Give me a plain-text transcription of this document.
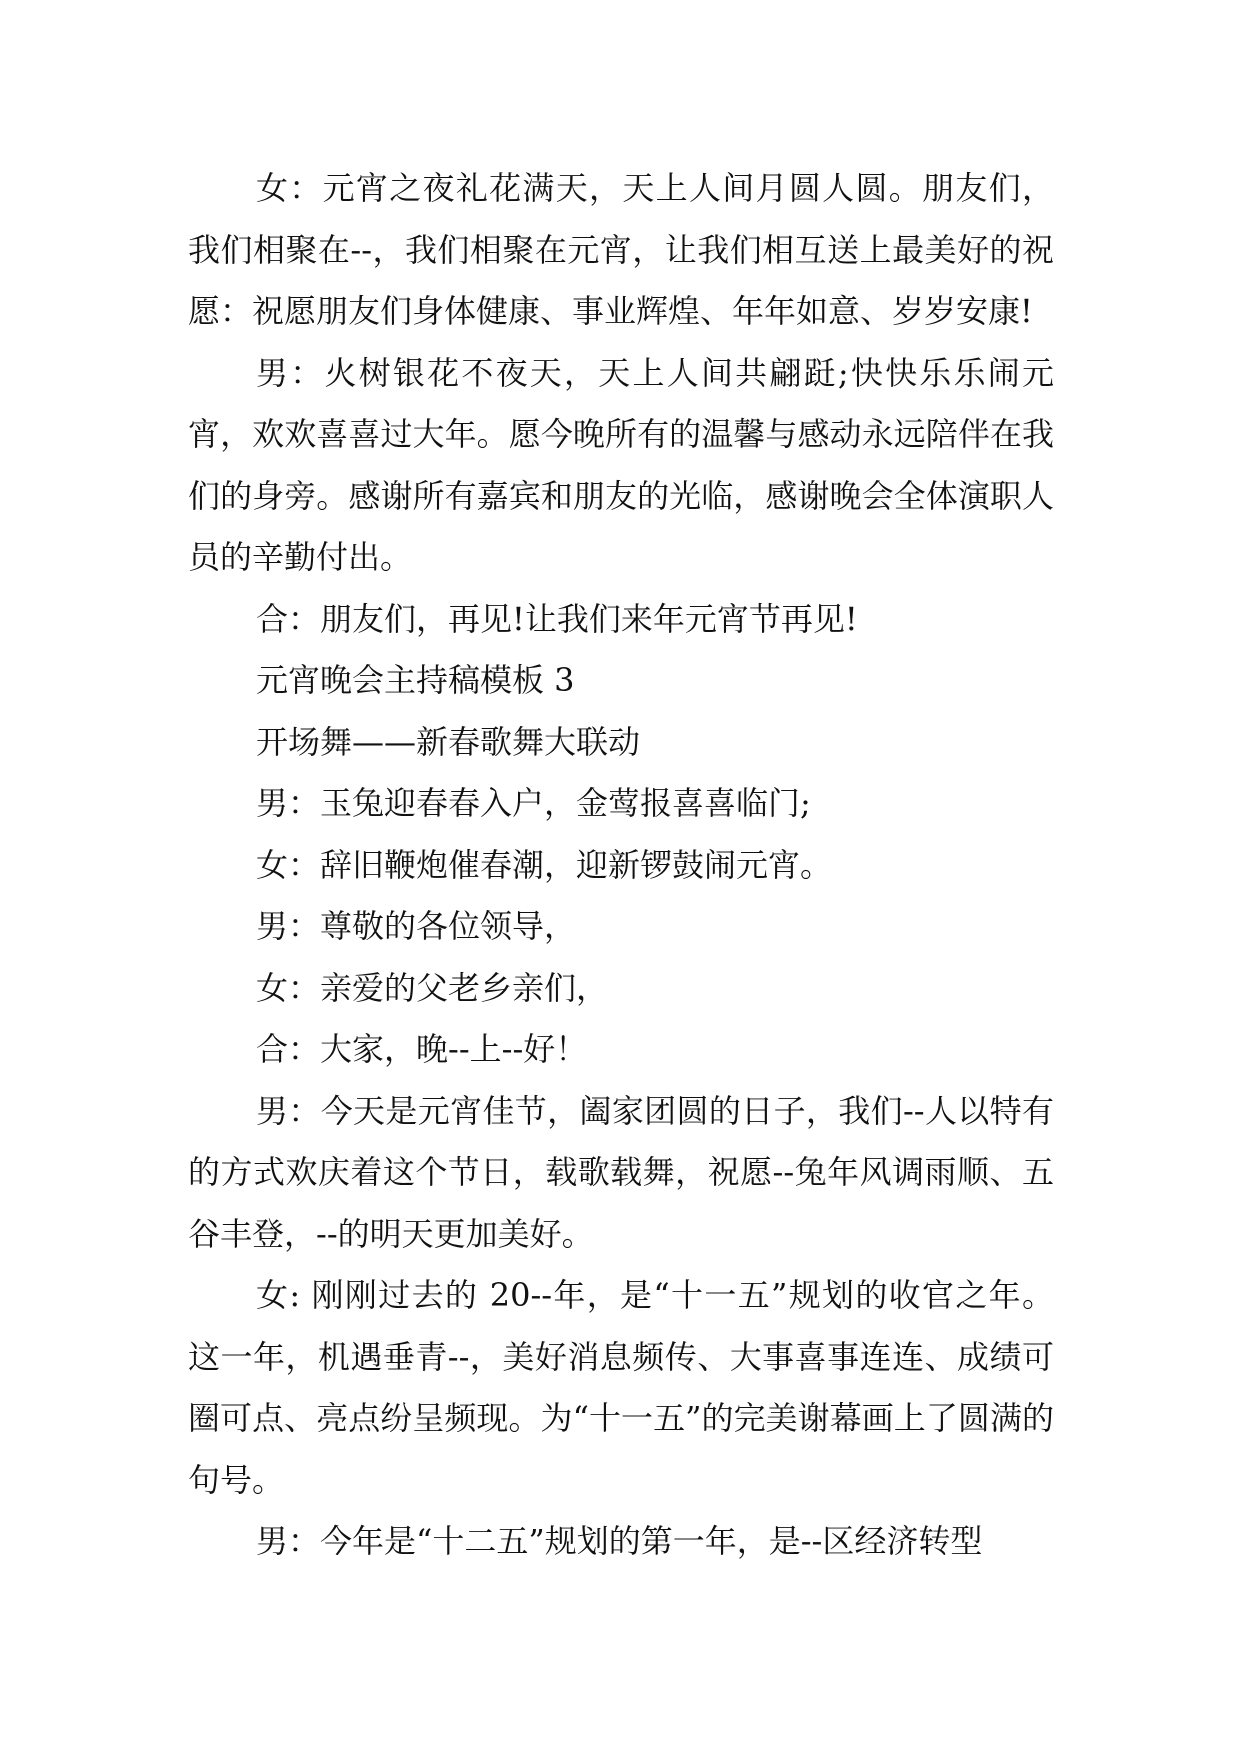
女：元宵之夜礼花满天，天上人间月圆人圆。朋友们，我们相聚在--，我们相聚在元宵，让我们相互送上最美好的祝愿：祝愿朋友们身体健康、事业辉煌、年年如意、岁岁安康!

男：火树银花不夜天，天上人间共翩跹;快快乐乐闹元宵，欢欢喜喜过大年。愿今晚所有的温馨与感动永远陪伴在我们的身旁。感谢所有嘉宾和朋友的光临，感谢晚会全体演职人员的辛勤付出。

合：朋友们，再见!让我们来年元宵节再见!

元宵晚会主持稿模板 3

开场舞——新春歌舞大联动

男：玉兔迎春春入户，金莺报喜喜临门;

女：辞旧鞭炮催春潮，迎新锣鼓闹元宵。

男：尊敬的各位领导，

女：亲爱的父老乡亲们，

合：大家，晚--上--好！

男：今天是元宵佳节，阖家团圆的日子，我们--人以特有的方式欢庆着这个节日，载歌载舞，祝愿--兔年风调雨顺、五谷丰登，--的明天更加美好。

女: 刚刚过去的 20--年，是“十一五”规划的收官之年。这一年，机遇垂青--，美好消息频传、大事喜事连连、成绩可圈可点、亮点纷呈频现。为“十一五”的完美谢幕画上了圆满的句号。

男：今年是“十二五”规划的第一年，是--区经济转型
